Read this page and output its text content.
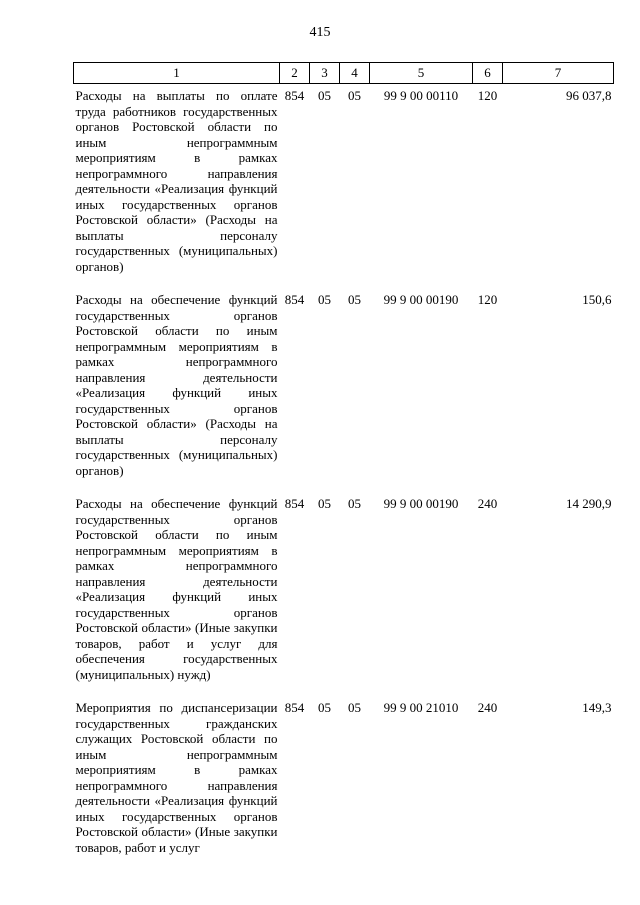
415
1	2	3	4	5	6	7
Расходы на выплаты по оплате труда работников государственных органов Ростовской области по иным непрограммным мероприятиям в рамках непрограммного направления деятельности «Реализация функций иных государственных органов Ростовской области» (Расходы на выплаты персоналу государственных (муниципальных) органов)	854	05	05	99 9 00 00110	120	96 037,8
Расходы на обеспечение функций государственных органов Ростовской области по иным непрограммным мероприятиям в рамках непрограммного направления деятельности «Реализация функций иных государственных органов Ростовской области» (Расходы на выплаты персоналу государственных (муниципальных) органов)	854	05	05	99 9 00 00190	120	150,6
Расходы на обеспечение функций государственных органов Ростовской области по иным непрограммным мероприятиям в рамках непрограммного направления деятельности «Реализация функций иных государственных органов Ростовской области» (Иные закупки товаров, работ и услуг для обеспечения государственных (муниципальных) нужд)	854	05	05	99 9 00 00190	240	14 290,9
Мероприятия по диспансеризации государственных гражданских служащих Ростовской области по иным непрограммным мероприятиям в рамках непрограммного направления деятельности «Реализация функций иных государственных органов Ростовской области» (Иные закупки товаров, работ и услуг	854	05	05	99 9 00 21010	240	149,3
